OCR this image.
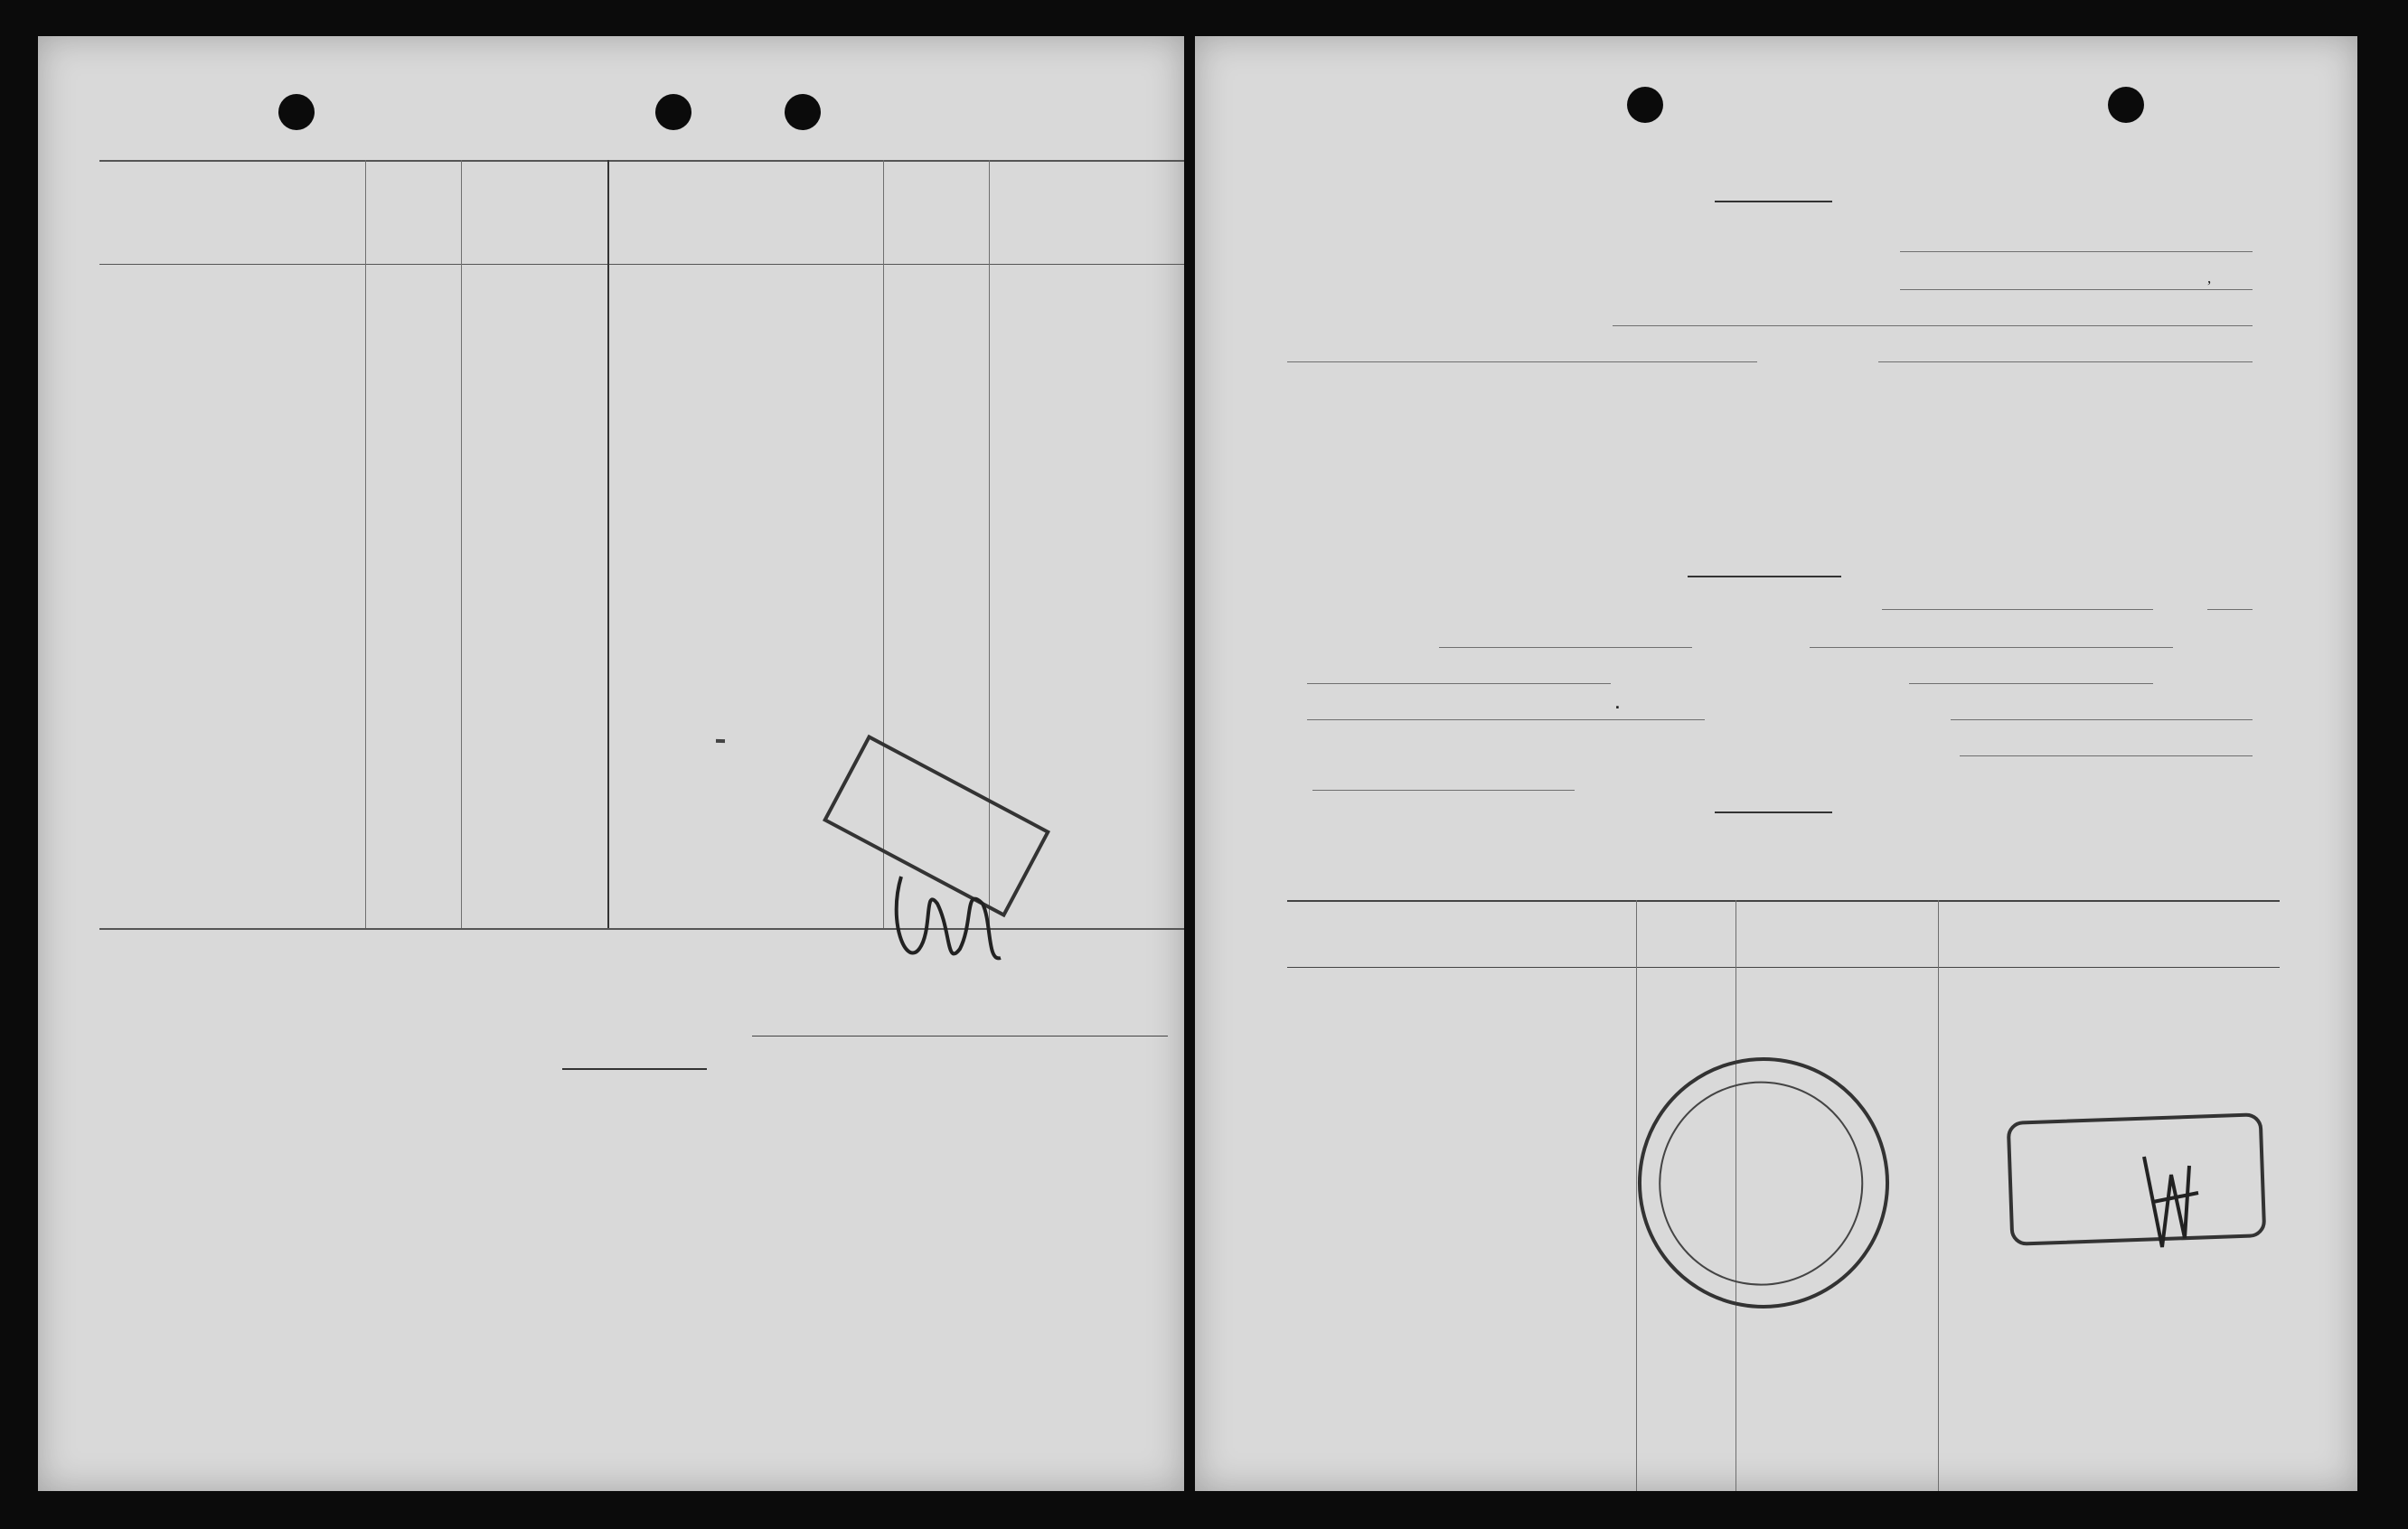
,
.
